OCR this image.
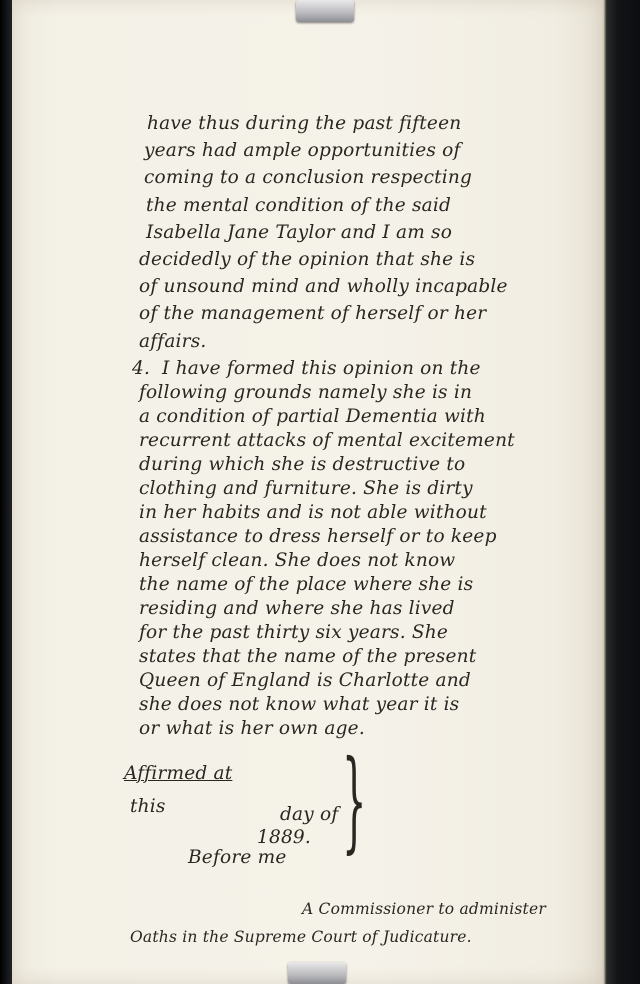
have thus during the past fifteen
years had ample opportunities of
coming to a conclusion respecting
the mental condition of the said
Isabella Jane Taylor and I am so
decidedly of the opinion that she is
of unsound mind and wholly incapable
of the management of herself or her
affairs.
4. I have formed this opinion on the
following grounds namely she is in
a condition of partial Dementia with
recurrent attacks of mental excitement
during which she is destructive to
clothing and furniture. She is dirty
in her habits and is not able without
assistance to dress herself or to keep
herself clean. She does not know
the name of the place where she is
residing and where she has lived
for the past thirty six years. She
states that the name of the present
Queen of England is Charlotte and
she does not know what year it is
or what is her own age.
Affirmed at }
this	day of
1889.
Before me
A Commissioner to administer
Oaths in the Supreme Court of Judicature.
